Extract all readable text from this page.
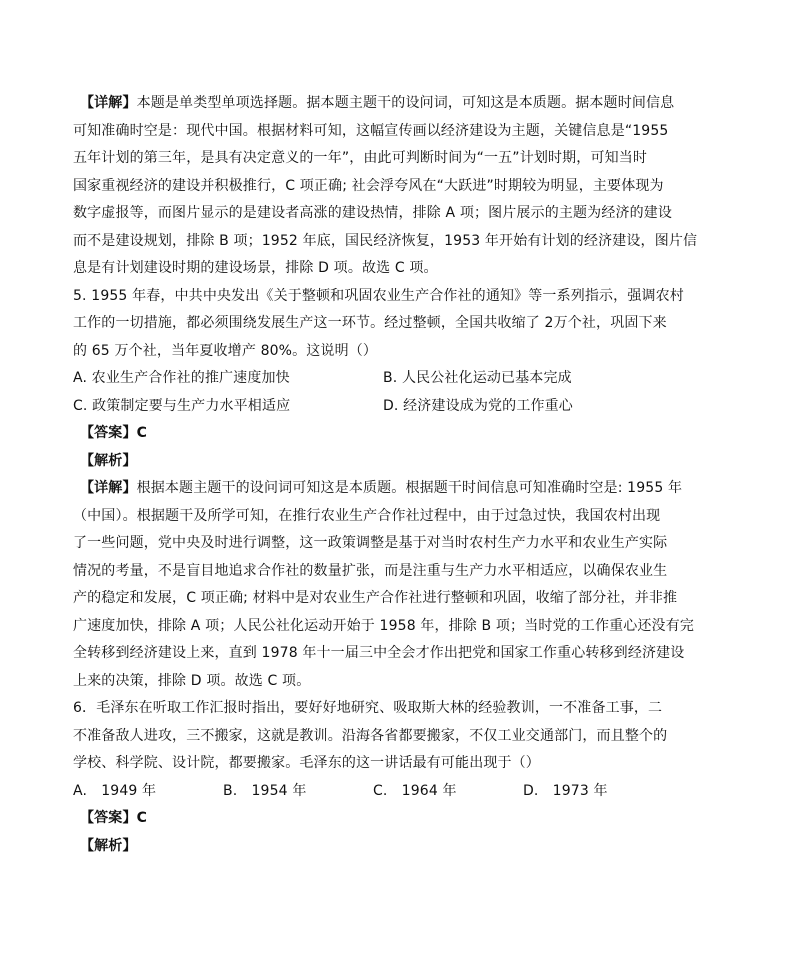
【详解】本题是单类型单项选择题。据本题主题干的设问词，可知这是本质题。据本题时间信息
可知准确时空是：现代中国。根据材料可知，这幅宣传画以经济建设为主题，关键信息是“1955
五年计划的第三年，是具有决定意义的一年”，由此可判断时间为“一五”计划时期，可知当时
国家重视经济的建设并积极推行，C 项正确; 社会浮夸风在“大跃进”时期较为明显，主要体现为
数字虚报等，而图片显示的是建设者高涨的建设热情，排除 A 项；图片展示的主题为经济的建设
而不是建设规划，排除 B 项；1952 年底，国民经济恢复，1953 年开始有计划的经济建设，图片信
息是有计划建设时期的建设场景，排除 D 项。故选 C 项。
5. 1955 年春，中共中央发出《关于整顿和巩固农业生产合作社的通知》等一系列指示，强调农村
工作的一切措施，都必须围绕发展生产这一环节。经过整顿，全国共收缩了 2万个社，巩固下来
的 65 万个社，当年夏收增产 80%。这说明（）
A. 农业生产合作社的推广速度加快	B. 人民公社化运动已基本完成
C. 政策制定要与生产力水平相适应	D. 经济建设成为党的工作重心
【答案】C
【解析】
【详解】根据本题主题干的设问词可知这是本质题。根据题干时间信息可知准确时空是: 1955 年
（中国）。根据题干及所学可知，在推行农业生产合作社过程中，由于过急过快，我国农村出现
了一些问题，党中央及时进行调整，这一政策调整是基于对当时农村生产力水平和农业生产实际
情况的考量，不是盲目地追求合作社的数量扩张，而是注重与生产力水平相适应，以确保农业生
产的稳定和发展，C 项正确; 材料中是对农业生产合作社进行整顿和巩固，收缩了部分社，并非推
广速度加快，排除 A 项；人民公社化运动开始于 1958 年，排除 B 项；当时党的工作重心还没有完
全转移到经济建设上来，直到 1978 年十一届三中全会才作出把党和国家工作重心转移到经济建设
上来的决策，排除 D 项。故选 C 项。
6．毛泽东在听取工作汇报时指出，要好好地研究、吸取斯大林的经验教训，一不准备工事，二
不准备敌人进攻，三不搬家，这就是教训。沿海各省都要搬家，不仅工业交通部门，而且整个的
学校、科学院、设计院，都要搬家。毛泽东的这一讲话最有可能出现于（）
A.　1949 年	B.　1954 年	C.　1964 年	D.　1973 年
【答案】C
【解析】
